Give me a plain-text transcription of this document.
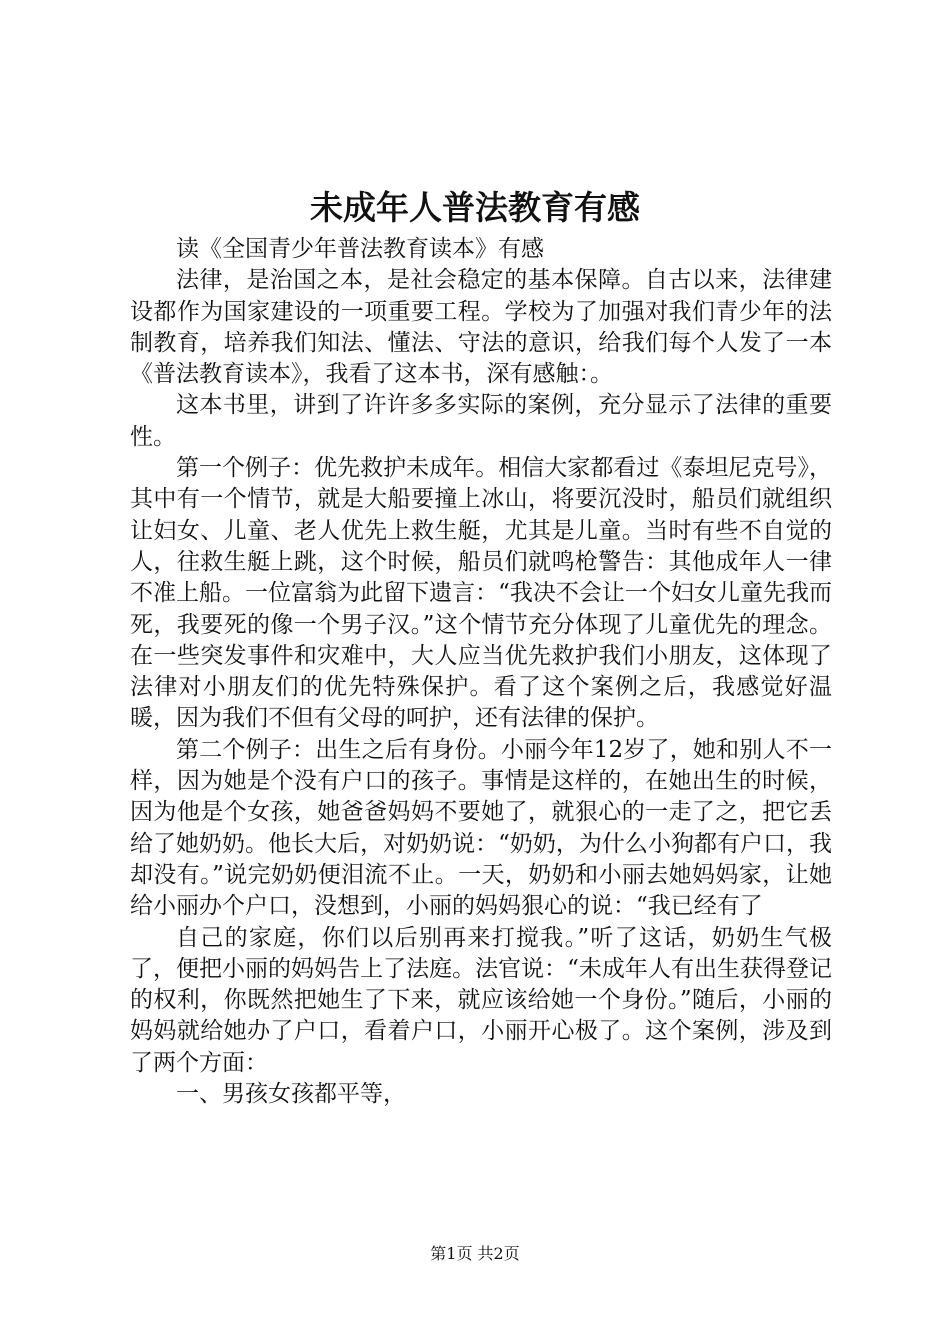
未成年人普法教育有感

读《全国青少年普法教育读本》有感

法律，是治国之本，是社会稳定的基本保障。自古以来，法律建设都作为国家建设的一项重要工程。学校为了加强对我们青少年的法制教育，培养我们知法、懂法、守法的意识，给我们每个人发了一本《普法教育读本》，我看了这本书，深有感触：。

这本书里，讲到了许许多多实际的案例，充分显示了法律的重要性。

第一个例子：优先救护未成年。相信大家都看过《泰坦尼克号》，其中有一个情节，就是大船要撞上冰山，将要沉没时，船员们就组织让妇女、儿童、老人优先上救生艇，尤其是儿童。当时有些不自觉的人，往救生艇上跳，这个时候，船员们就鸣枪警告：其他成年人一律不准上船。一位富翁为此留下遗言：“我决不会让一个妇女儿童先我而死，我要死的像一个男子汉。”这个情节充分体现了儿童优先的理念。在一些突发事件和灾难中，大人应当优先救护我们小朋友，这体现了法律对小朋友们的优先特殊保护。看了这个案例之后，我感觉好温暖，因为我们不但有父母的呵护，还有法律的保护。

第二个例子：出生之后有身份。小丽今年12岁了，她和别人不一样，因为她是个没有户口的孩子。事情是这样的，在她出生的时候，因为他是个女孩，她爸爸妈妈不要她了，就狠心的一走了之，把它丢给了她奶奶。他长大后，对奶奶说：“奶奶，为什么小狗都有户口，我却没有。”说完奶奶便泪流不止。一天，奶奶和小丽去她妈妈家，让她给小丽办个户口，没想到，小丽的妈妈狠心的说：“我已经有了

自己的家庭，你们以后别再来打搅我。”听了这话，奶奶生气极了，便把小丽的妈妈告上了法庭。法官说：“未成年人有出生获得登记的权利，你既然把她生了下来，就应该给她一个身份。”随后，小丽的妈妈就给她办了户口，看着户口，小丽开心极了。这个案例，涉及到了两个方面：

一、男孩女孩都平等，

第1页 共2页
